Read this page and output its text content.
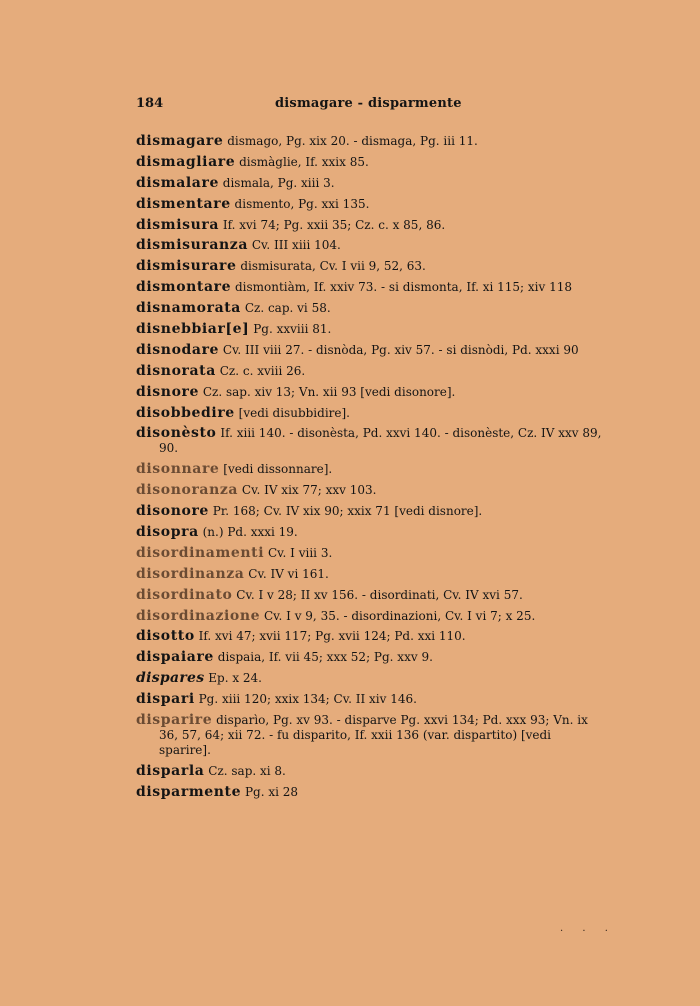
184	dismagare - disparmente
dismagare dismago, Pg. xix 20. - dismaga, Pg. iii 11.
dismagliare dismàglie, If. xxix 85.
dismalare dismala, Pg. xiii 3.
dismentare dismento, Pg. xxi 135.
dismisura If. xvi 74; Pg. xxii 35; Cz. c. x 85, 86.
dismisuranza Cv. III xiii 104.
dismisurare dismisurata, Cv. I vii 9, 52, 63.
dismontare dismontiàm, If. xxiv 73. - si dismonta, If. xi 115; xiv 118
disnamorata Cz. cap. vi 58.
disnebbiar[e] Pg. xxviii 81.
disnodare Cv. III viii 27. - disnòda, Pg. xiv 57. - si disnòdi, Pd. xxxi 90
disnorata Cz. c. xviii 26.
disnore Cz. sap. xiv 13; Vn. xii 93 [vedi disonore].
disobbedire [vedi disubbidire].
disonèsto If. xiii 140. - disonèsta, Pd. xxvi 140. - disonèste, Cz. IV xxv 89, 90.
disonnare [vedi dissonnare].
disonoranza Cv. IV xix 77; xxv 103.
disonore Pr. 168; Cv. IV xix 90; xxix 71 [vedi disnore].
disopra (n.) Pd. xxxi 19.
disordinamenti Cv. I viii 3.
disordinanza Cv. IV vi 161.
disordinato Cv. I v 28; II xv 156. - disordinati, Cv. IV xvi 57.
disordinazione Cv. I v 9, 35. - disordinazioni, Cv. I vi 7; x 25.
disotto If. xvi 47; xvii 117; Pg. xvii 124; Pd. xxi 110.
dispaiare dispaia, If. vii 45; xxx 52; Pg. xxv 9.
dispares Ep. x 24.
dispari Pg. xiii 120; xxix 134; Cv. II xiv 146.
disparire disparìo, Pg. xv 93. - disparve Pg. xxvi 134; Pd. xxx 93; Vn. ix 36, 57, 64; xii 72. - fu disparito, If. xxii 136 (var. dispartito) [vedi sparire].
disparla Cz. sap. xi 8.
disparmente Pg. xi 28
· · ·
